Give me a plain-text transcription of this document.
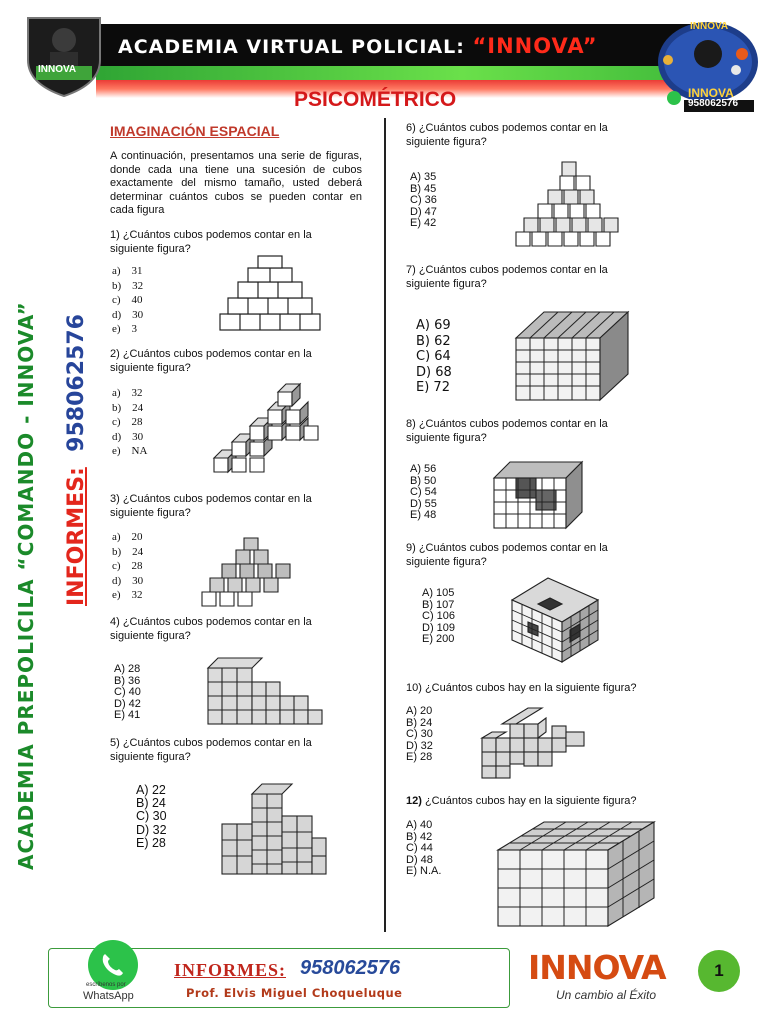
ACADEMIA VIRTUAL POLICIAL: “INNOVA”
INNOVA
INNOVA
INNOVA
958062576
PSICOMÉTRICO
ACADEMIA PREPOLICILA “COMANDO - INNOVA” INFORMES:  958062576
IMAGINACIÓN ESPACIAL
A continuación, presentamos una serie de figuras, donde cada una tiene una sucesión de cubos exactamente del mismo tamaño, usted deberá determinar cuántos cubos se pueden contar en cada figura
1) ¿Cuántos cubos podemos contar en la siguiente figura?
a)    31
b)    32
c)    40
d)    30
e)    3
2) ¿Cuántos cubos podemos contar en la siguiente figura?
a)    32
b)    24
c)    28
d)    30
e)    NA
3) ¿Cuántos cubos podemos contar en la siguiente figura?
a)    20
b)    24
c)    28
d)    30
e)    32
4) ¿Cuántos cubos podemos contar en la siguiente figura?
A) 28
B) 36
C) 40
D) 42
E) 41
5) ¿Cuántos cubos podemos contar en la siguiente figura?
A) 22
B) 24
C) 30
D) 32
E) 28
6) ¿Cuántos cubos podemos contar en la siguiente figura?
A) 35
B) 45
C) 36
D) 47
E) 42
7) ¿Cuántos cubos podemos contar en la siguiente figura?
A) 69
B) 62
C) 64
D) 68
E) 72
8) ¿Cuántos cubos podemos contar en la siguiente figura?
A) 56
B) 50
C) 54
D) 55
E) 48
9) ¿Cuántos cubos podemos contar en la siguiente figura?
A) 105
B) 107
C) 106
D) 109
E) 200
10) ¿Cuántos cubos hay en la siguiente figura?
A) 20
B) 24
C) 30
D) 32
E) 28
12) ¿Cuántos cubos hay en la siguiente figura?
A) 40
B) 42
C) 44
D) 48
E) N.A.
escríbenos por
WhatsApp
INFORMES: 958062576
Prof. Elvis Miguel Choqueluque
INNOVA
Un cambio al Éxito
1
